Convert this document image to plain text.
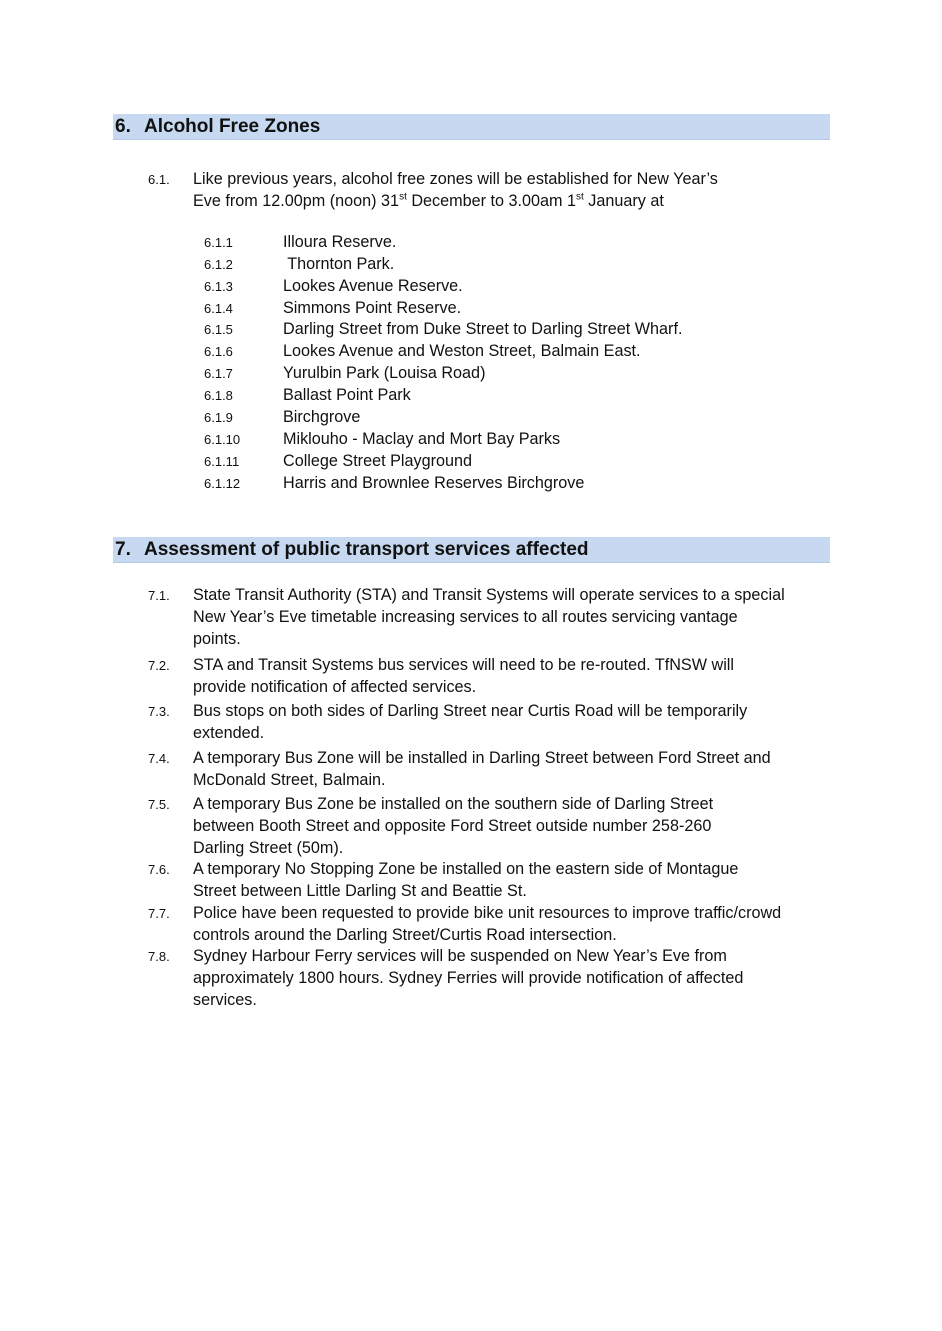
6. Alcohol Free Zones
6.1. Like previous years, alcohol free zones will be established for New Year’s
Eve from 12.00pm (noon) 31st December to 3.00am 1st January at
6.1.1	Illoura Reserve.
6.1.2	Thornton Park.
6.1.3	Lookes Avenue Reserve.
6.1.4	Simmons Point Reserve.
6.1.5	Darling Street from Duke Street to Darling Street Wharf.
6.1.6	Lookes Avenue and Weston Street, Balmain East.
6.1.7	Yurulbin Park (Louisa Road)
6.1.8	Ballast Point Park
6.1.9	Birchgrove
6.1.10	Miklouho - Maclay and Mort Bay Parks
6.1.11	College Street Playground
6.1.12	Harris and Brownlee Reserves Birchgrove
7. Assessment of public transport services affected
7.1. State Transit Authority (STA) and Transit Systems will operate services to a special
New Year’s Eve timetable increasing services to all routes servicing vantage
points.
7.2. STA and Transit Systems bus services will need to be re-routed. TfNSW will
provide notification of affected services.
7.3. Bus stops on both sides of Darling Street near Curtis Road will be temporarily
extended.
7.4. A temporary Bus Zone will be installed in Darling Street between Ford Street and
McDonald Street, Balmain.
7.5. A temporary Bus Zone be installed on the southern side of Darling Street
between Booth Street and opposite Ford Street outside number 258-260
Darling Street (50m).
7.6. A temporary No Stopping Zone be installed on the eastern side of Montague
Street between Little Darling St and Beattie St.
7.7. Police have been requested to provide bike unit resources to improve traffic/crowd
controls around the Darling Street/Curtis Road intersection.
7.8. Sydney Harbour Ferry services will be suspended on New Year’s Eve from
approximately 1800 hours. Sydney Ferries will provide notification of affected
services.
